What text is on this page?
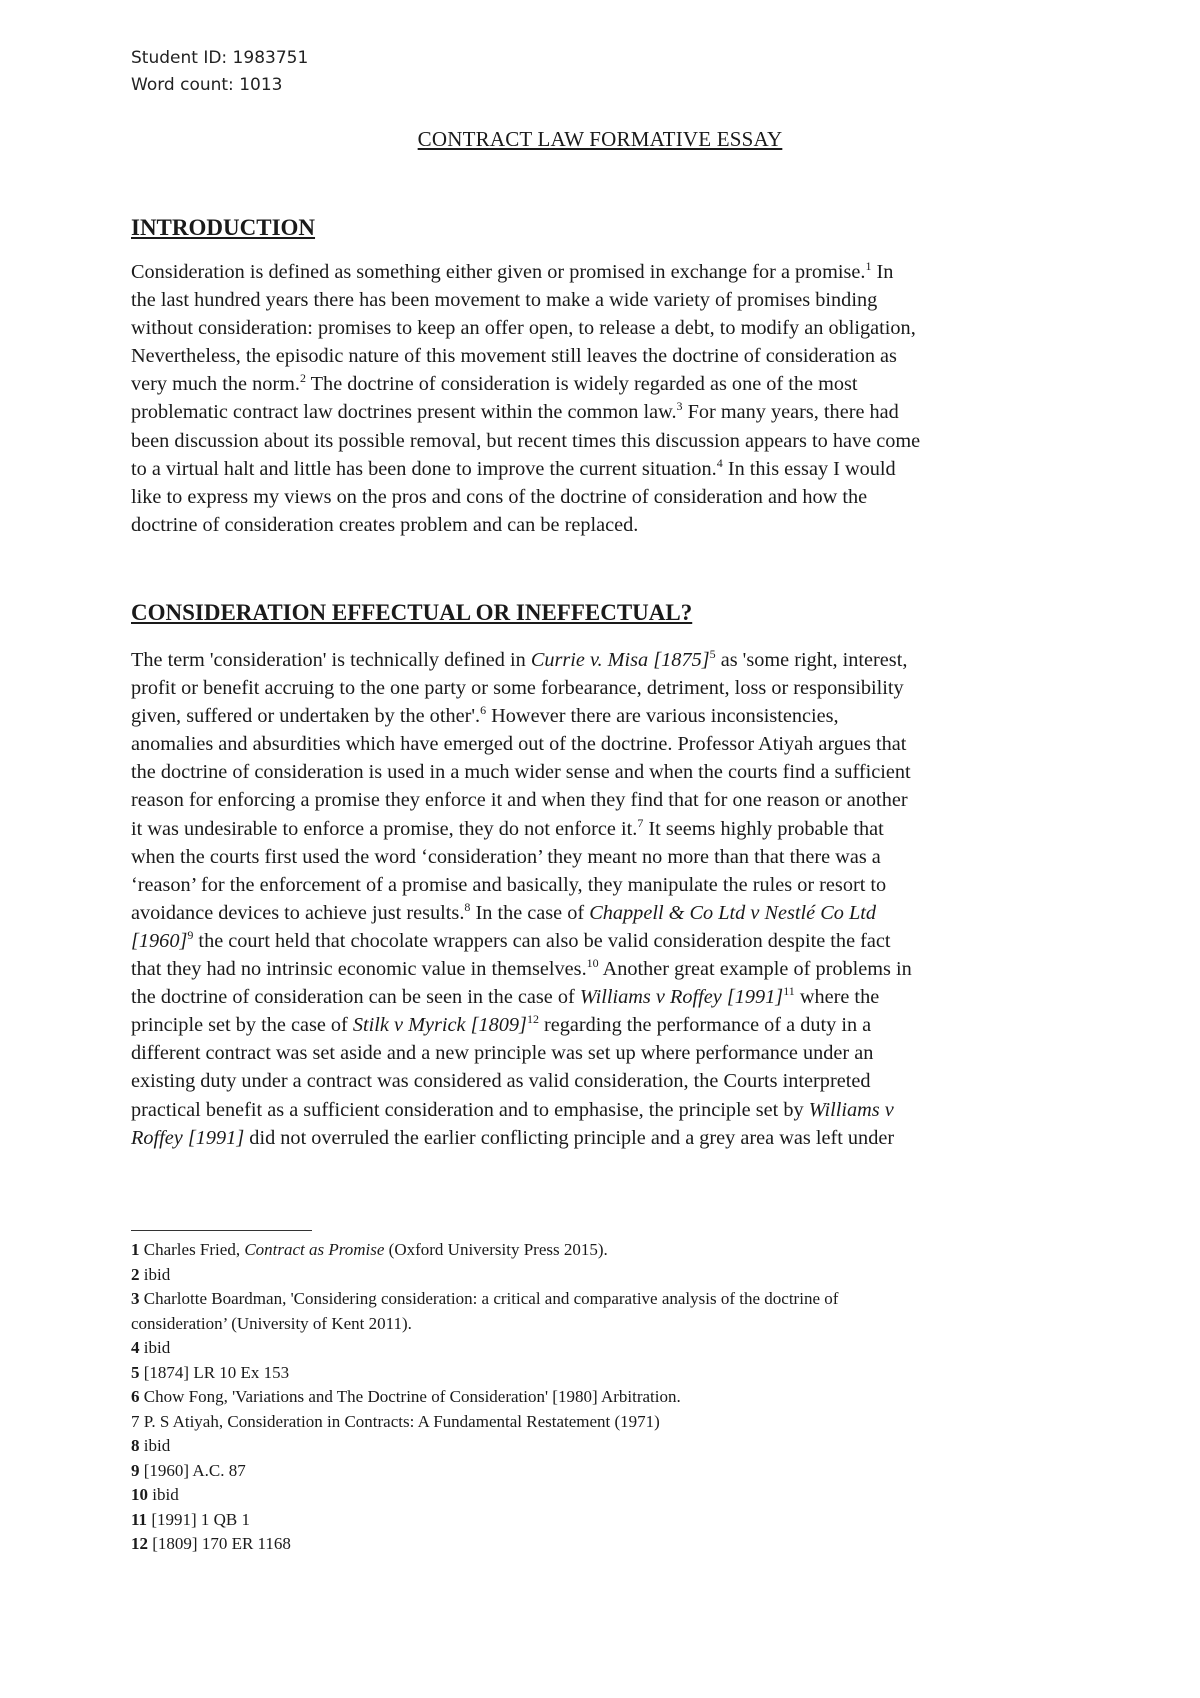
Student ID: 1983751
Word count: 1013
CONTRACT LAW FORMATIVE ESSAY
INTRODUCTION
Consideration is defined as something either given or promised in exchange for a promise.$^1$ In
the last hundred years there has been movement to make a wide variety of promises binding
without consideration: promises to keep an offer open, to release a debt, to modify an obligation,
Nevertheless, the episodic nature of this movement still leaves the doctrine of consideration as
very much the norm.$^2$ The doctrine of consideration is widely regarded as one of the most
problematic contract law doctrines present within the common law.$^3$ For many years, there had
been discussion about its possible removal, but recent times this discussion appears to have come
to a virtual halt and little has been done to improve the current situation.$^4$ In this essay I would
like to express my views on the pros and cons of the doctrine of consideration and how the
doctrine of consideration creates problem and can be replaced.
CONSIDERATION EFFECTUAL OR INEFFECTUAL?
The term 'consideration' is technically defined in Currie v. Misa $[1875]^5$ as 'some right, interest,
profit or benefit accruing to the one party or some forbearance, detriment, loss or responsibility
given, suffered or undertaken by the other'.$^6$ However there are various inconsistencies,
anomalies and absurdities which have emerged out of the doctrine. Professor Atiyah argues that
the doctrine of consideration is used in a much wider sense and when the courts find a sufficient
reason for enforcing a promise they enforce it and when they find that for one reason or another
it was undesirable to enforce a promise, they do not enforce it.$^7$ It seems highly probable that
when the courts first used the word ‘consideration’ they meant no more than that there was a
‘reason’ for the enforcement of a promise and basically, they manipulate the rules or resort to
avoidance devices to achieve just results.$^8$ In the case of Chappell & Co Ltd v Nestlé Co Ltd
$[1960]^9$ the court held that chocolate wrappers can also be valid consideration despite the fact
that they had no intrinsic economic value in themselves.$^{10}$ Another great example of problems in
the doctrine of consideration can be seen in the case of Williams v Roffey $[1991]^{11}$ where the
principle set by the case of Stilk v Myrick $[1809]^{12}$ regarding the performance of a duty in a
different contract was set aside and a new principle was set up where performance under an
existing duty under a contract was considered as valid consideration, the Courts interpreted
practical benefit as a sufficient consideration and to emphasise, the principle set by Williams v
Roffey [1991] did not overruled the earlier conflicting principle and a grey area was left under
1 Charles Fried, Contract as Promise (Oxford University Press 2015).
2 ibid
3 Charlotte Boardman, 'Considering consideration: a critical and comparative analysis of the doctrine of
consideration’ (University of Kent 2011).
4 ibid
5 [1874] LR 10 Ex 153
6 Chow Fong, 'Variations and The Doctrine of Consideration' [1980] Arbitration.
7 P. S Atiyah, Consideration in Contracts: A Fundamental Restatement (1971)
8 ibid
9 [1960] A.C. 87
10 ibid
11 [1991] 1 QB 1
12 [1809] 170 ER 1168
